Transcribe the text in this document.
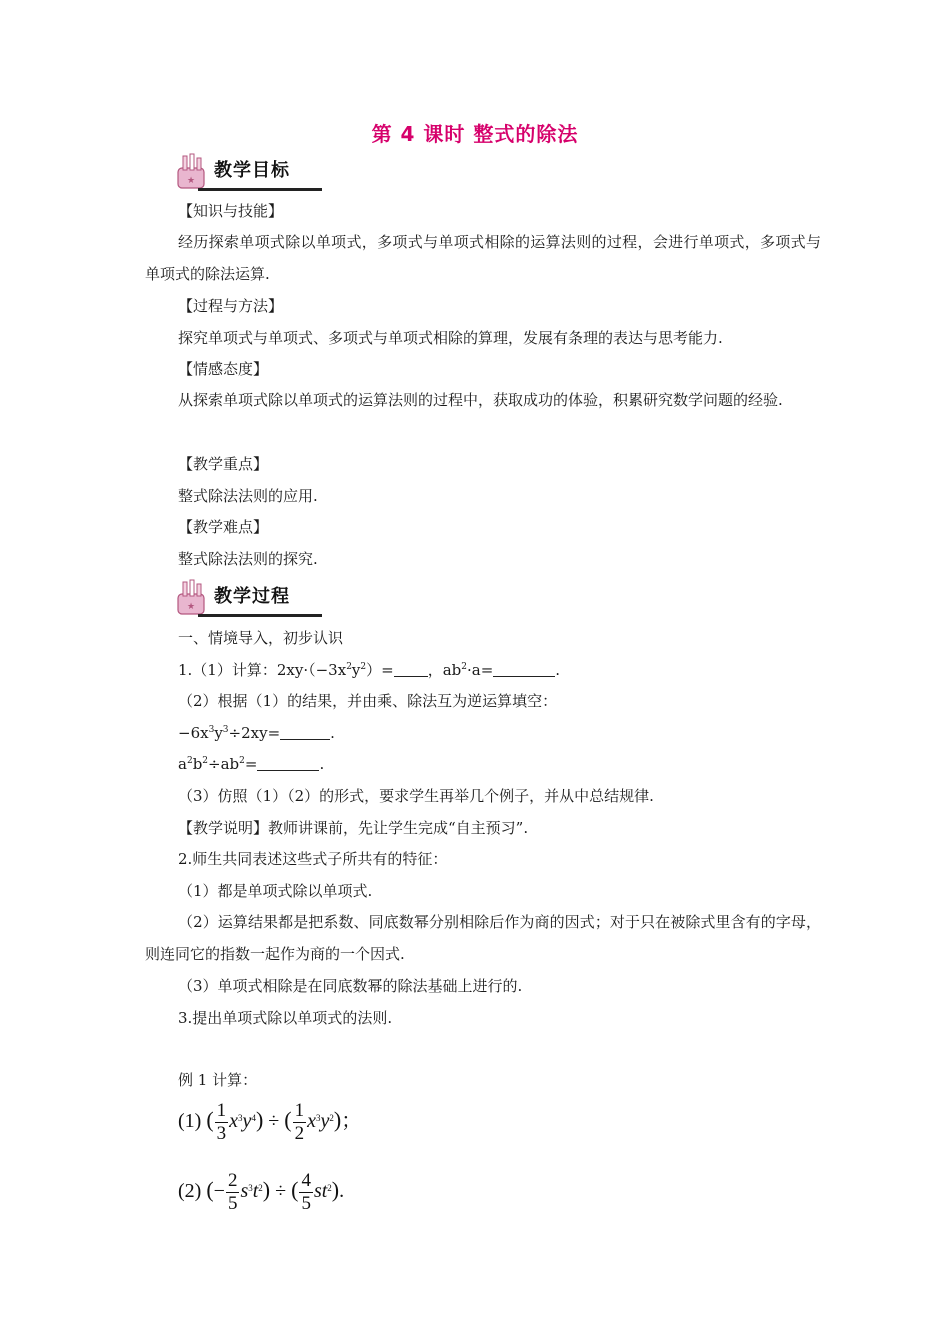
第 4 课时 整式的除法
★ 教学目标
【知识与技能】
经历探索单项式除以单项式，多项式与单项式相除的运算法则的过程，会进行单项式，多项式与单项式的除法运算.
【过程与方法】
探究单项式与单项式、多项式与单项式相除的算理，发展有条理的表达与思考能力.
【情感态度】
从探索单项式除以单项式的运算法则的过程中，获取成功的体验，积累研究数学问题的经验.
【教学重点】
整式除法法则的应用.
【教学难点】
整式除法法则的探究.
★ 教学过程
一、情境导入，初步认识
1.（1）计算：$2xy\cdot(-3x^2y^2)=$ ，$ab^2\cdot a=$	.
（2）根据（1）的结果，并由乘、除法互为逆运算填空：
$-6x^3y^3\div 2xy=$	.
$a^2b^2\div ab^2=$	.
（3）仿照（1）（2）的形式，要求学生再举几个例子，并从中总结规律.
【教学说明】教师讲课前，先让学生完成“自主预习”.
2.师生共同表述这些式子所共有的特征：
（1）都是单项式除以单项式.
（2）运算结果都是把系数、同底数幂分别相除后作为商的因式；对于只在被除式里含有的字母，则连同它的指数一起作为商的一个因式.
（3）单项式相除是在同底数幂的除法基础上进行的.
3.提出单项式除以单项式的法则.
例 1 计算：
(1) ( $\frac{1}{3} x^3y^4$) ÷ ( $\frac{1}{2} x^3y^2$)；
(2) (− $\frac{2}{5} s^3t^2$) ÷ ( $\frac{4}{5} st^2$).
